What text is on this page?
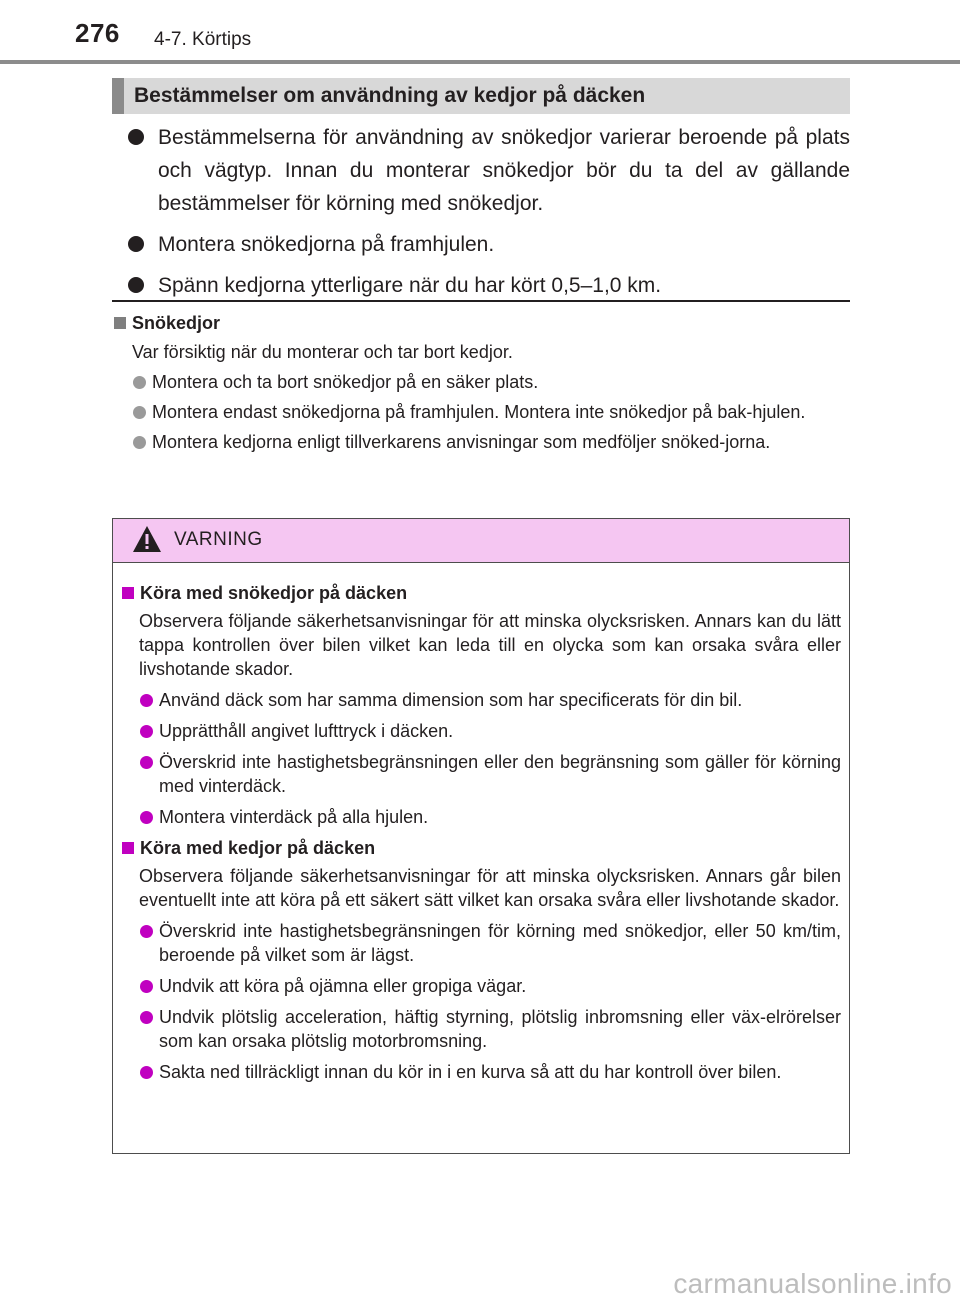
276 4-7. Körtips
Bestämmelser om användning av kedjor på däcken
Bestämmelserna för användning av snökedjor varierar beroende på plats och vägtyp. Innan du monterar snökedjor bör du ta del av gällande bestämmelser för körning med snökedjor.
Montera snökedjorna på framhjulen.
Spänn kedjorna ytterligare när du har kört 0,5–1,0 km.
Snökedjor
Var försiktig när du monterar och tar bort kedjor.
Montera och ta bort snökedjor på en säker plats.
Montera endast snökedjorna på framhjulen. Montera inte snökedjor på bak-hjulen.
Montera kedjorna enligt tillverkarens anvisningar som medföljer snöked-jorna.
VARNING
Köra med snökedjor på däcken
Observera följande säkerhetsanvisningar för att minska olycksrisken. Annars kan du lätt tappa kontrollen över bilen vilket kan leda till en olycka som kan orsaka svåra eller livshotande skador.
Använd däck som har samma dimension som har specificerats för din bil.
Upprätthåll angivet lufttryck i däcken.
Överskrid inte hastighetsbegränsningen eller den begränsning som gäller för körning med vinterdäck.
Montera vinterdäck på alla hjulen.
Köra med kedjor på däcken
Observera följande säkerhetsanvisningar för att minska olycksrisken. Annars går bilen eventuellt inte att köra på ett säkert sätt vilket kan orsaka svåra eller livshotande skador.
Överskrid inte hastighetsbegränsningen för körning med snökedjor, eller 50 km/tim, beroende på vilket som är lägst.
Undvik att köra på ojämna eller gropiga vägar.
Undvik plötslig acceleration, häftig styrning, plötslig inbromsning eller väx-elrörelser som kan orsaka plötslig motorbromsning.
Sakta ned tillräckligt innan du kör in i en kurva så att du har kontroll över bilen.
carmanualsonline.info
